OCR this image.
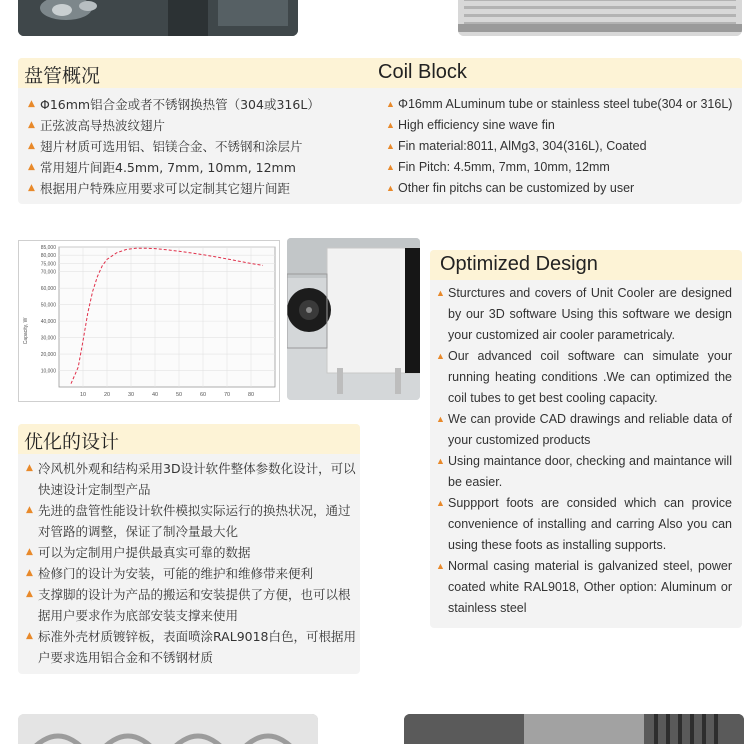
盘管概况	Coil Block
▲ Φ16mm铝合金或者不锈钢换热管（304或316L）
▲ 正弦波高导热波纹翅片
▲ 翅片材质可选用铝、铝镁合金、不锈钢和涂层片
▲ 常用翅片间距4.5mm, 7mm, 10mm, 12mm
▲ 根据用户特殊应用要求可以定制其它翅片间距
▲ Φ16mm ALuminum tube or stainless steel tube(304 or 316L)
▲ High efficiency sine wave fin
▲ Fin material:8011, AlMg3, 304(316L), Coated
▲ Fin Pitch: 4.5mm, 7mm, 10mm, 12mm
▲ Other fin pitchs can be customized by user
10,000
20,000
30,000
40,000
50,000
60,000
70,000
75,000
80,000
85,000
10	20	30	40	50	60	70	80
Capacity, W
Optimized Design
▲ Sturctures and covers of Unit Cooler are designed by our 3D software Using this software we design your customized air cooler parametricaly.
▲ Our advanced coil software can simulate your running heating conditions .We can optimized the coil tubes to get best cooling capacity.
▲ We can provide CAD drawings and reliable data of your customized products
▲ Using maintance door, checking and maintance will be easier.
▲ Suppport foots are consided which can provice convenience of installing and carring Also you can using these foots as installing supports.
▲ Normal casing material is galvanized steel, power coated white RAL9018, Other option: Aluminum or stainless steel
优化的设计
▲ 冷风机外观和结构采用3D设计软件整体参数化设计，可以快速设计定制型产品
▲ 先进的盘管性能设计软件模拟实际运行的换热状况，通过对管路的调整，保证了制冷量最大化
▲ 可以为定制用户提供最真实可靠的数据
▲ 检修门的设计为安装，可能的维护和维修带来便利
▲ 支撑脚的设计为产品的搬运和安装提供了方便，也可以根据用户要求作为底部安装支撑来使用
▲ 标准外壳材质镀锌板，表面喷涂RAL9018白色，可根据用户要求选用铝合金和不锈钢材质
